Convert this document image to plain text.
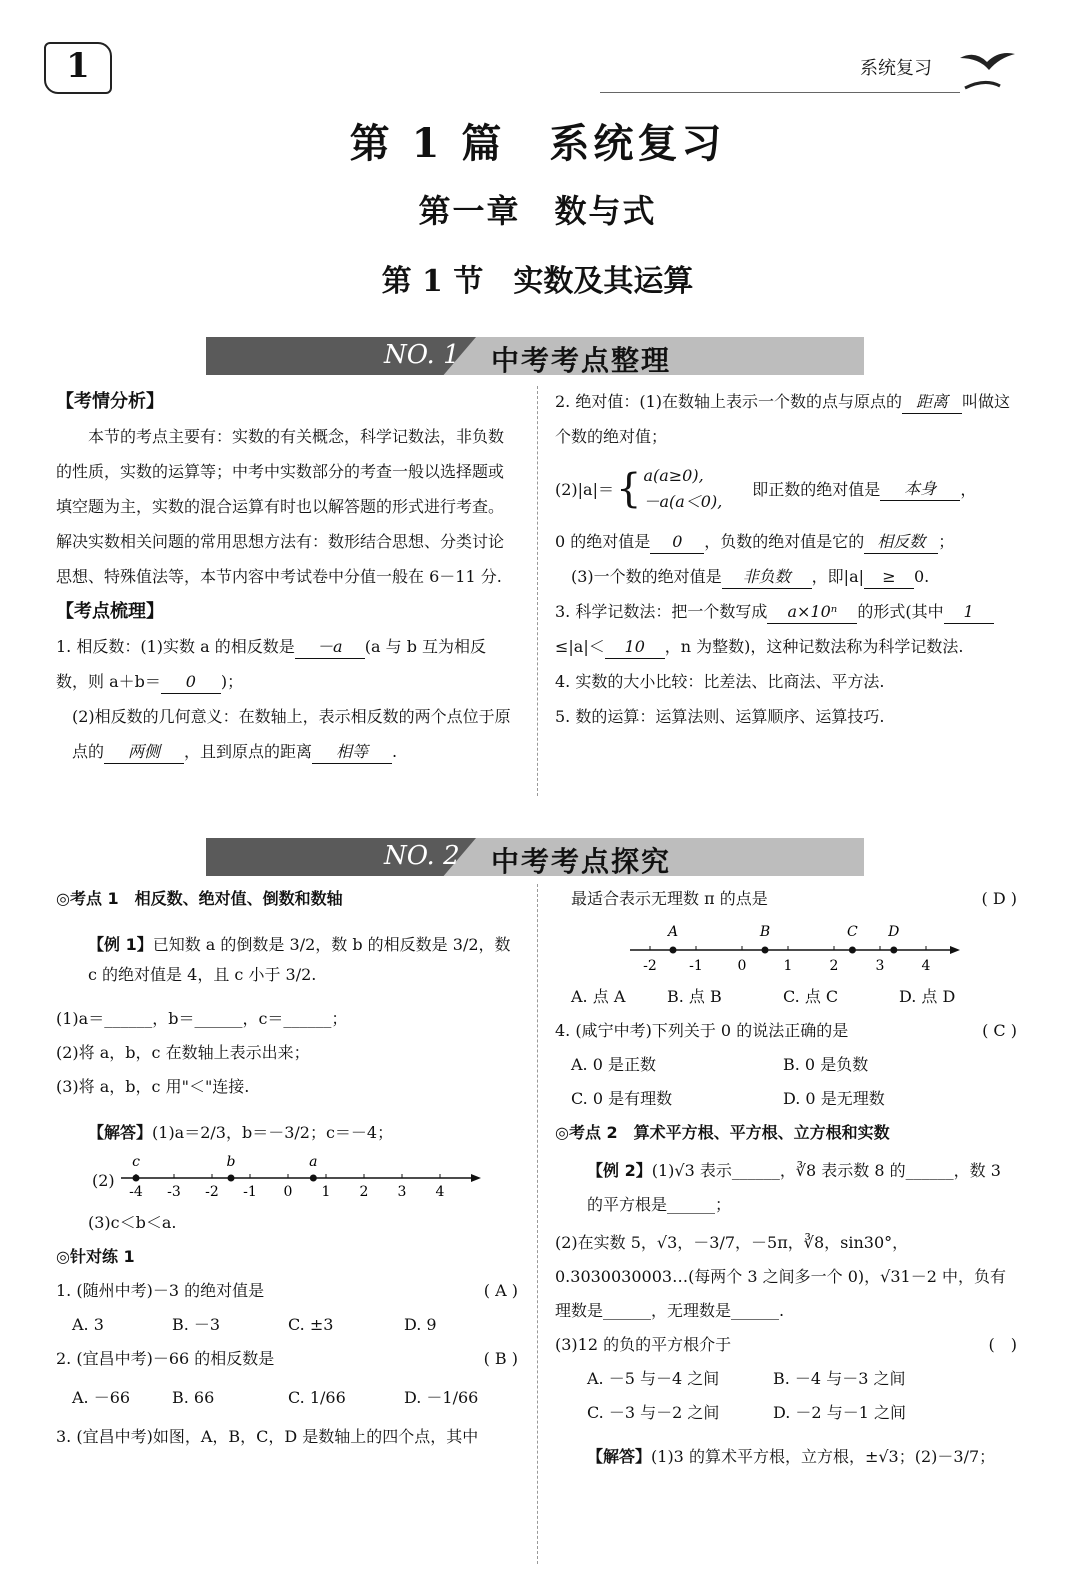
1	系统复习
第 1 篇　系统复习
第一章　数与式
第 1 节　实数及其运算
NO. 1 中考考点整理

【考情分析】

本节的考点主要有：实数的有关概念，科学记数法，非负数的性质，实数的运算等；中考中实数部分的考查一般以选择题或填空题为主，实数的混合运算有时也以解答题的形式进行考查。解决实数相关问题的常用思想方法有：数形结合思想、分类讨论思想、特殊值法等，本节内容中考试卷中分值一般在 6－11 分.

【考点梳理】

1. 相反数：(1)实数 a 的相反数是 －a (a 与 b 互为相反数，则 a＋b＝ 0 )；

(2)相反数的几何意义：在数轴上，表示相反数的两个点位于原点的 两侧 ，且到原点的距离 相等 .

2. 绝对值：(1)在数轴上表示一个数的点与原点的 距离 叫做这个数的绝对值；

(2)|a|＝ { a(a≥0),
－a(a＜0),
即正数的绝对值是	本身	，

0 的绝对值是 0 ，负数的绝对值是它的 相反数 ；

(3)一个数的绝对值是 非负数 ，即|a| ≥ 0.

3. 科学记数法：把一个数写成 a×10ⁿ 的形式(其中 1≤|a|＜ 10 ，n 为整数)，这种记数法称为科学记数法.

4. 实数的大小比较：比差法、比商法、平方法.

5. 数的运算：运算法则、运算顺序、运算技巧.

NO. 2 中考考点探究

◎考点 1　相反数、绝对值、倒数和数轴

【例 1】已知数 a 的倒数是 3/2，数 b 的相反数是 3/2，数 c 的绝对值是 4，且 c 小于 3/2.

(1)a＝______，b＝______，c＝______；

(2)将 a，b，c 在数轴上表示出来；

(3)将 a，b，c 用"＜"连接.

【解答】(1)a＝2/3，b＝－3/2；c＝－4；

(2)
-4 -3 -2 -1 0 1 2 3 4
c	b	a

(3)c＜b＜a.

◎针对练 1

1. (随州中考)－3 的绝对值是	( A )

A. 3	B. －3	C. ±3	D. 9

2. (宜昌中考)－66 的相反数是	( B )

A. －66	B. 66	C. 1/66	D. －1/66

3. (宜昌中考)如图，A，B，C，D 是数轴上的四个点，其中

最适合表示无理数 π 的点是	( D )

-2 -1 0	1	2	3	4
A	B	C D
A. 点 A	B. 点 B	C. 点 C	D. 点 D

4. (咸宁中考)下列关于 0 的说法正确的是	( C )

A. 0 是正数	B. 0 是负数
C. 0 是有理数	D. 0 是无理数

◎考点 2　算术平方根、平方根、立方根和实数

【例 2】(1)√3 表示______，∛8 表示数 8 的______，数 3 的平方根是______；

(2)在实数 5，√3，－3/7，－5π，∛8，sin30°，0.3030030003…(每两个 3 之间多一个 0)，√31－2 中，负有理数是______，无理数是______.

(3)12 的负的平方根介于	(　)

A. －5 与－4 之间	B. －4 与－3 之间
C. －3 与－2 之间	D. －2 与－1 之间

【解答】(1)3 的算术平方根，立方根，±√3；(2)－3/7；
